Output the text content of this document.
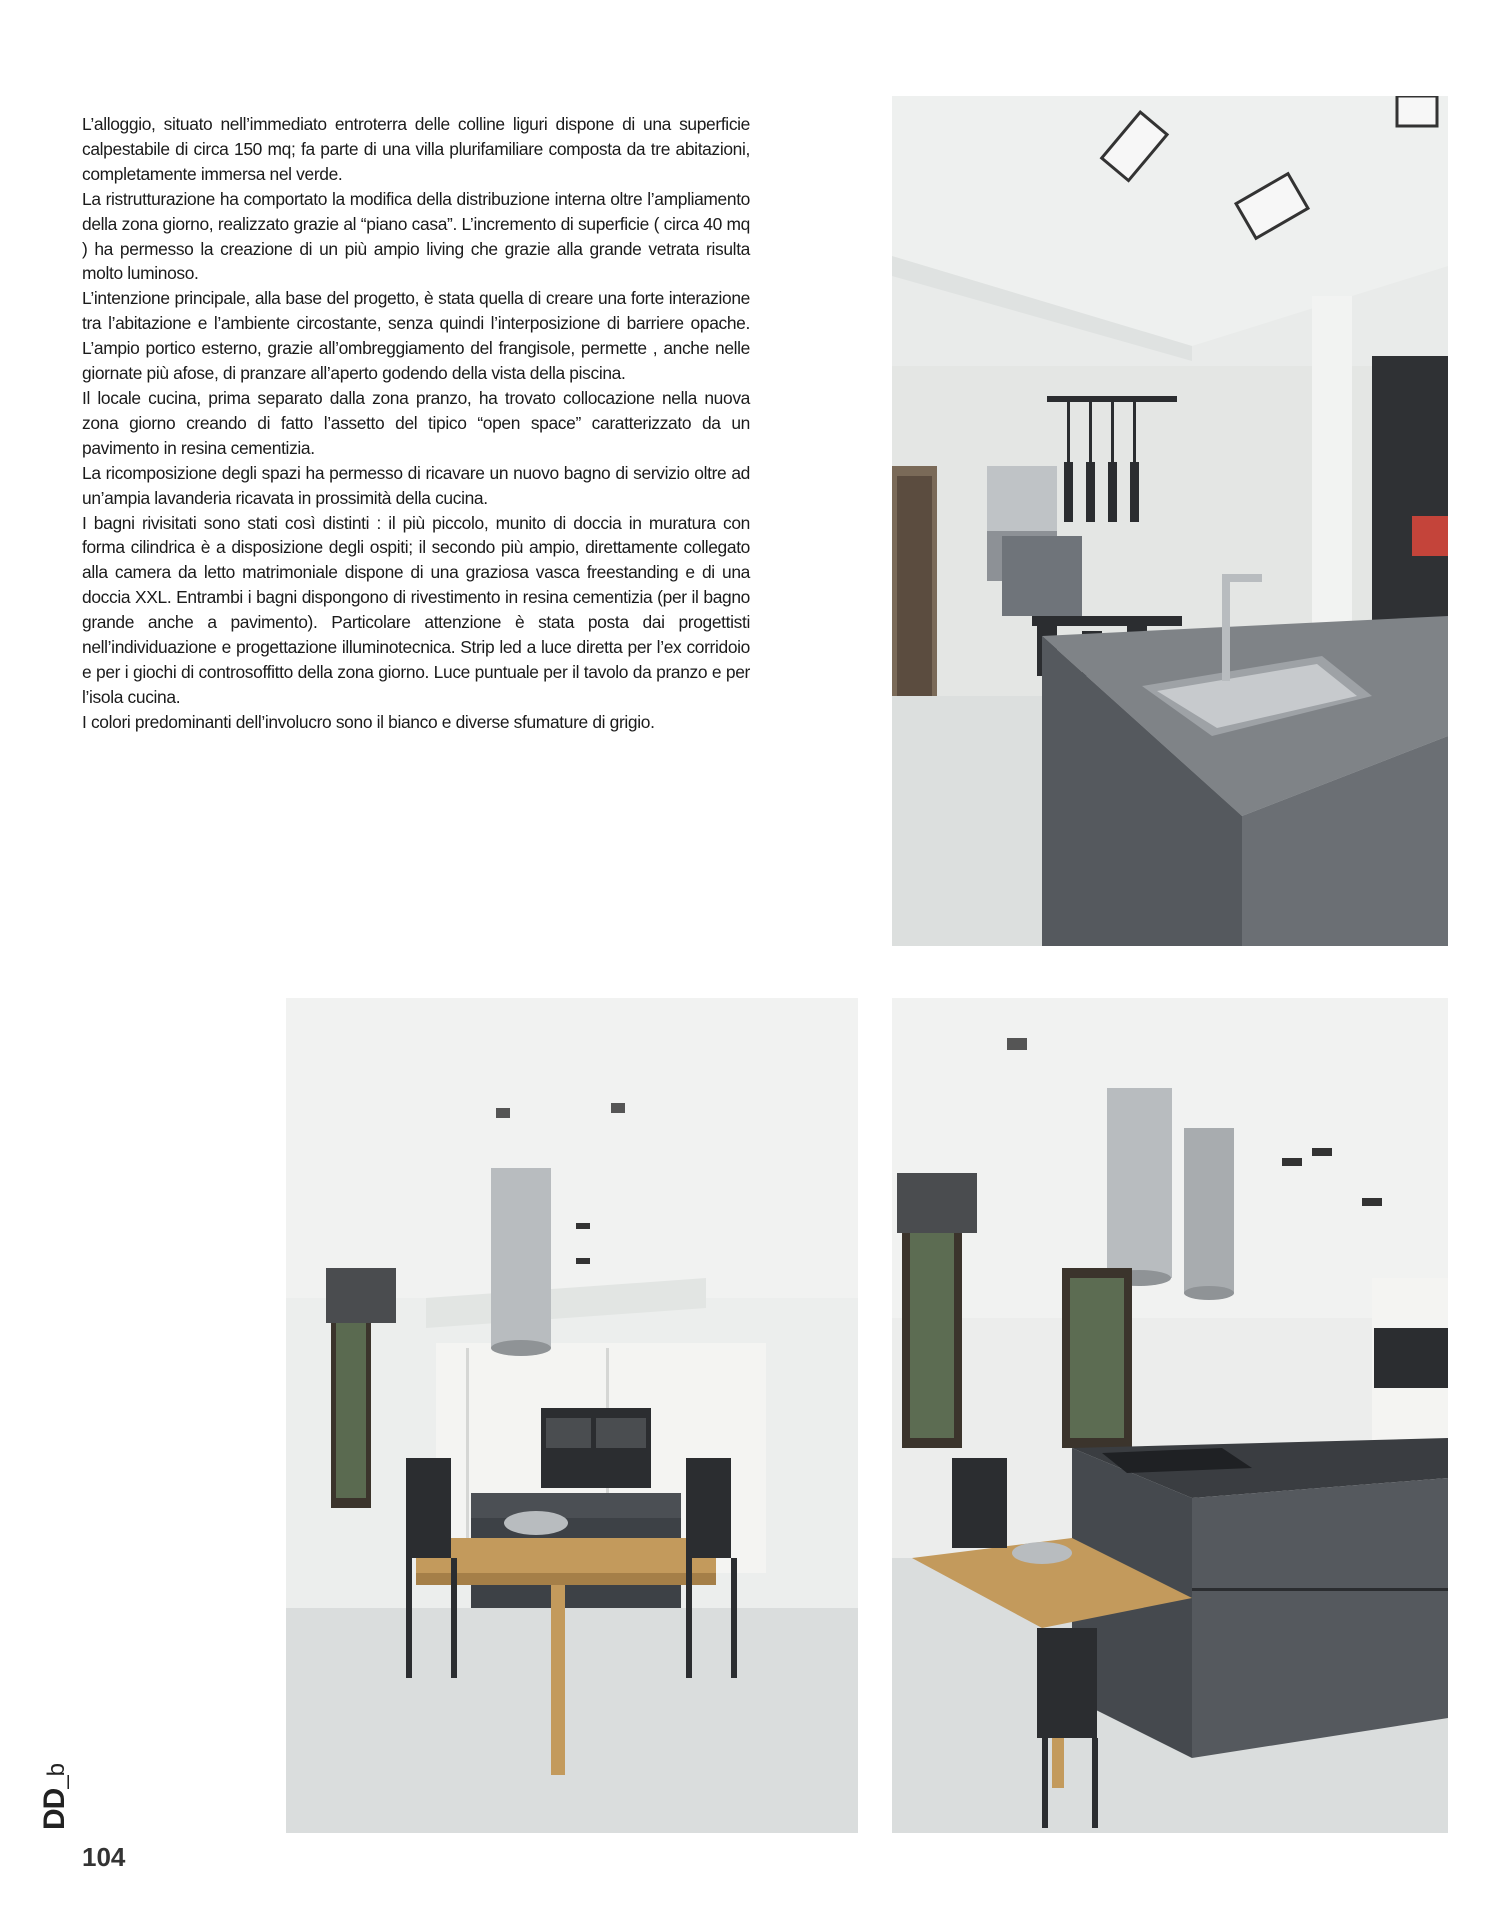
L’alloggio, situato nell’immediato entroterra delle colline liguri dispone di una superficie calpestabile di circa 150 mq; fa parte di una villa plurifamiliare composta da tre abitazioni, completamente immersa nel verde.

La ristrutturazione ha comportato la modifica della distribuzione interna oltre l’ampliamento della zona giorno, realizzato grazie al “piano casa”. L’incremento di superficie ( circa 40 mq ) ha permesso la creazione di un più ampio living che grazie alla grande vetrata risulta molto luminoso.

L’intenzione principale, alla base del progetto, è stata quella di creare una forte interazione tra l’abitazione e l’ambiente circostante, senza quindi l’interposizione di barriere opache. L’ampio portico esterno, grazie all’ombreggiamento del frangisole, permette , anche nelle giornate più afose, di pranzare all’aperto godendo della vista della piscina.

Il locale cucina, prima separato dalla zona pranzo, ha trovato collocazione nella nuova zona giorno creando di fatto l’assetto del tipico “open space” caratterizzato da un pavimento in resina cementizia.

La ricomposizione degli spazi ha permesso di ricavare un nuovo bagno di servizio oltre ad un’ampia lavanderia ricavata in prossimità della cucina.

I bagni rivisitati sono stati così distinti : il più piccolo, munito di doccia in muratura con forma cilindrica è a disposizione degli ospiti; il secondo più ampio, direttamente collegato alla camera da letto matrimoniale dispone di una graziosa vasca freestanding e di una doccia XXL. Entrambi i bagni dispongono di rivestimento in resina cementizia (per il bagno grande anche a pavimento). Particolare attenzione è stata posta dai progettisti nell’individuazione e progettazione illuminotecnica. Strip led a luce diretta per l’ex corridoio e per i giochi di controsoffitto della zona giorno. Luce puntuale per il tavolo da pranzo e per l’isola cucina.

I colori predominanti dell’involucro sono il bianco e diverse sfumature di grigio.

DD_b
104
